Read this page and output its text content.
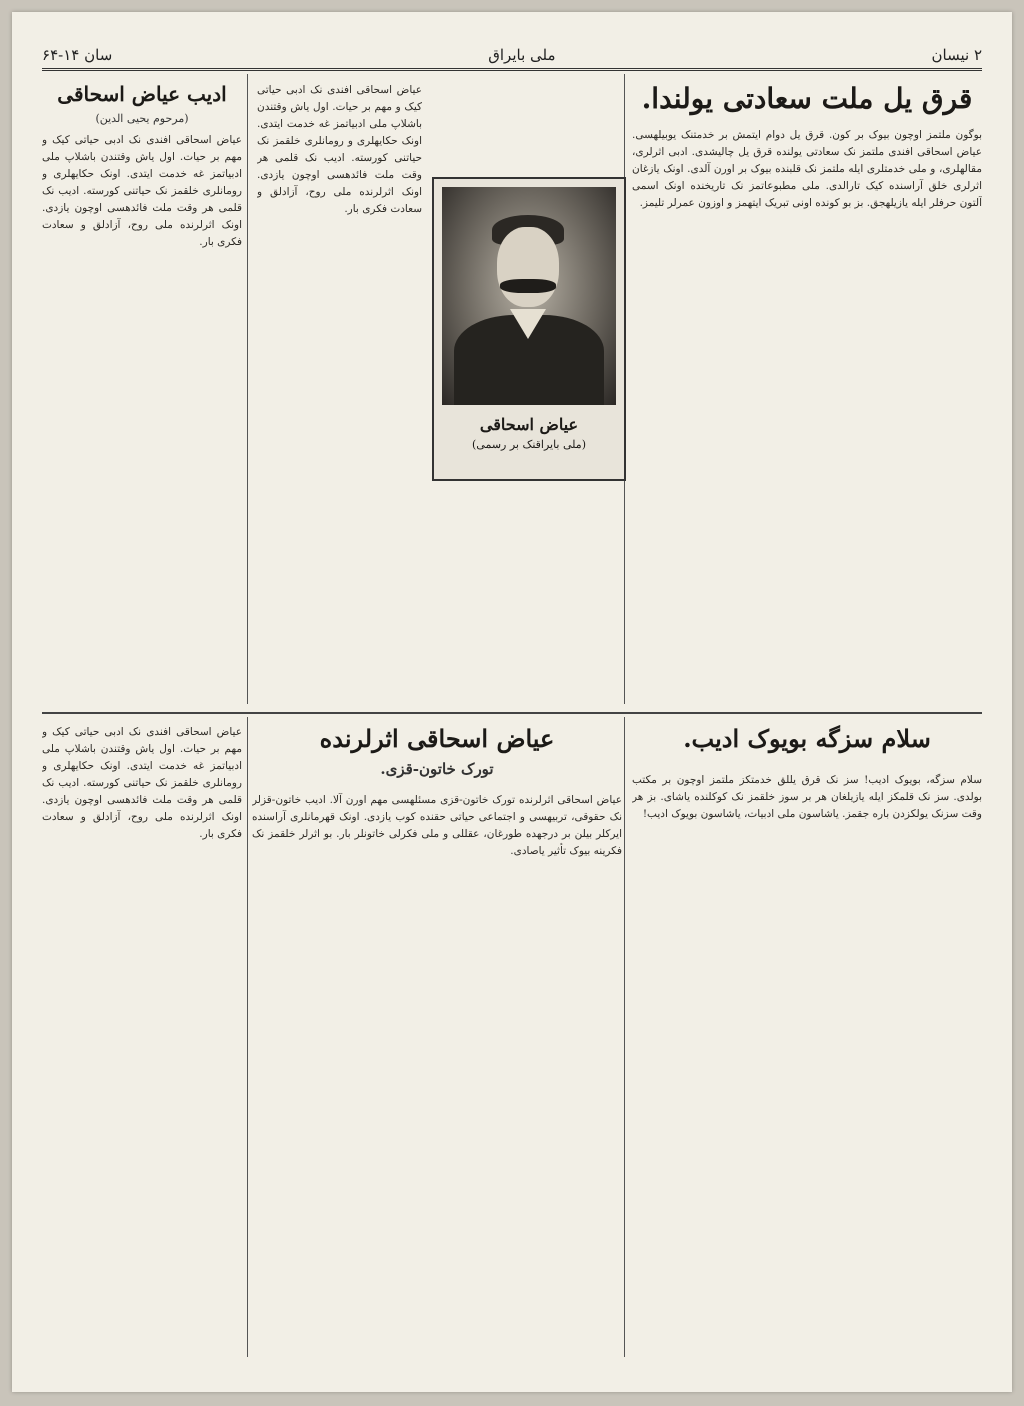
۲ نیسان
ملی بایراق
سان ۱۴-۶۴
قرق یل ملت سعادتی یولندا.
بوگون ملتمز اوچون بیوک بر کون. قرق یل دوام ایتمش بر خدمتنک یوبیلهسی. عیاض اسحاقی افندی ملتمز نک سعادتی یولنده قرق یل چالیشدی. ادبی اثرلری، مقالهلری، و ملی خدمتلری ایله ملتمز نک قلبنده بیوک بر اورن آلدی. اونک یازغان اثرلری خلق آراسنده کیک تارالدی. ملی مطبوعاتمز نک تاریخنده اونک اسمی آلتون حرفلر ایله یازیلهجق. بز بو کونده اونی تبریک ایتهمز و اوزون عمرلر تلیمز.
عیاض اسحاقی
(ملی بایراقنک بر رسمی)
ادیب عیاض اسحاقی
(مرحوم یحیی الدین)
عیاض اسحاقی افندی نک ادبی حیاتی کیک و مهم بر حیات. اول یاش وقتندن باشلاپ ملی ادبیاتمز غه خدمت ایتدی. اونک حکایهلری و رومانلری خلقمز نک حیاتنی کورسته. ادیب نک قلمی هر وقت ملت فائدهسی اوچون یازدی. اونک اثرلرنده ملی روح، آزادلق و سعادت فکری بار.
عیاض اسحاقی افندی نک ادبی حیاتی کیک و مهم بر حیات. اول یاش وقتندن باشلاپ ملی ادبیاتمز غه خدمت ایتدی. اونک حکایهلری و رومانلری خلقمز نک حیاتنی کورسته. ادیب نک قلمی هر وقت ملت فائدهسی اوچون یازدی. اونک اثرلرنده ملی روح، آزادلق و سعادت فکری بار.
عیاض اسحاقی اثرلرنده
تورک خاتون-قزی.
عیاض اسحاقی اثرلرنده تورک خاتون-قزی مسئلهسی مهم اورن آلا. ادیب خاتون-قزلر نک حقوقی، تربیهسی و اجتماعی حیاتی حقنده کوب یازدی. اونک قهرمانلری آراسنده ایرکلر بیلن بر درجهده طورغان، عقللی و ملی فکرلی خاتونلر بار. بو اثرلر خلقمز نک فکرینه بیوک تأثیر یاصادی.
سلام سزگه بویوک ادیب.
سلام سزگه، بویوک ادیب! سز نک قرق یللق خدمتکز ملتمز اوچون بر مکتب بولدی. سز نک قلمکز ایله یازیلغان هر بر سوز خلقمز نک کوکلنده یاشای. بز هر وقت سزنک یولکزدن باره جقمز. یاشاسون ملی ادبیات، یاشاسون بویوک ادیب!
عیاض اسحاقی افندی نک ادبی حیاتی کیک و مهم بر حیات. اول یاش وقتندن باشلاپ ملی ادبیاتمز غه خدمت ایتدی. اونک حکایهلری و رومانلری خلقمز نک حیاتنی کورسته. ادیب نک قلمی هر وقت ملت فائدهسی اوچون یازدی. اونک اثرلرنده ملی روح، آزادلق و سعادت فکری بار.
